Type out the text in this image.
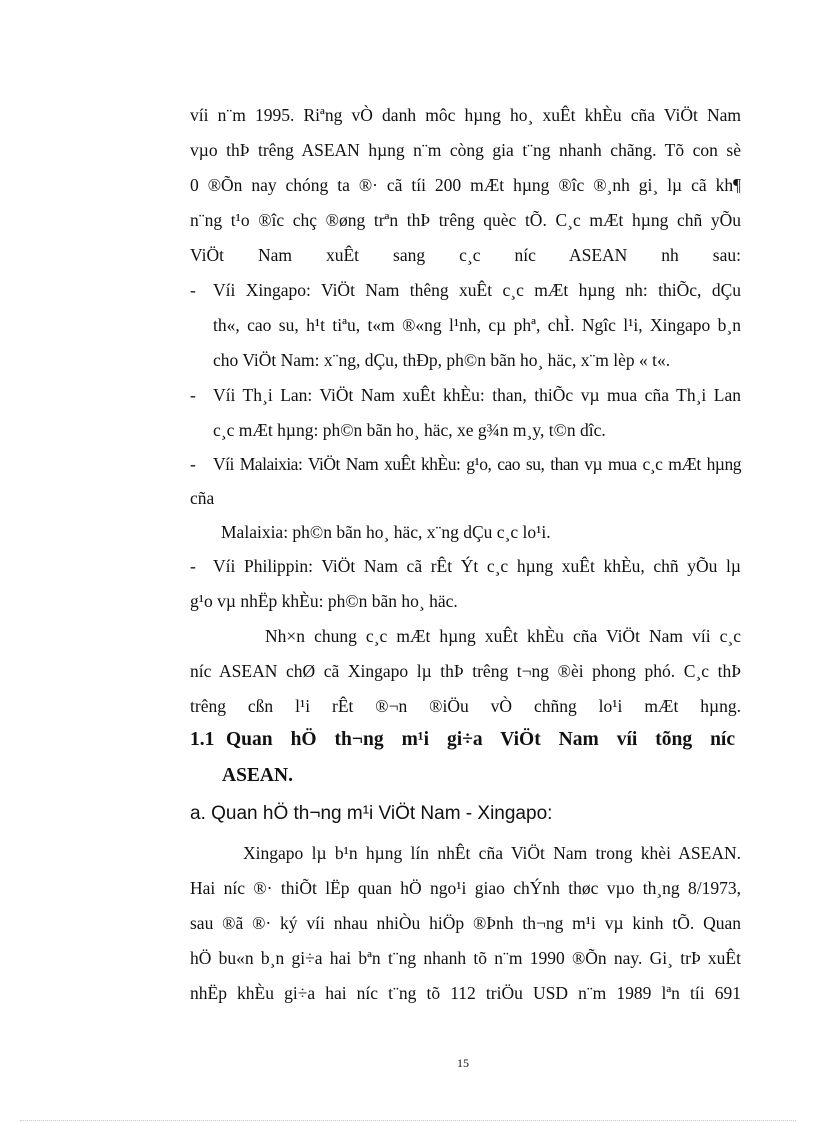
víi n¨m 1995. Riªng vÒ danh môc hµng ho¸ xuÊt khÈu cña ViÖt Nam
vµo thÞ trêng ASEAN hµng n¨m còng gia t¨ng nhanh chãng. Tõ con sè
0 ®Õn nay chóng ta ®· cã tíi 200 mÆt hµng ®îc ®¸nh gi¸ lµ cã kh¶
n¨ng t¹o ®îc chç ®øng trªn thÞ trêng quèc tÕ. C¸c mÆt hµng chñ yÕu
ViÖt Nam xuÊt sang c¸c níc ASEAN nh sau:
- Víi Xingapo: ViÖt Nam thêng xuÊt c¸c mÆt hµng nh: thiÕc, dÇu
th«, cao su, h¹t tiªu, t«m ®«ng l¹nh, cµ phª, chÌ. Ngîc l¹i, Xingapo b¸n
cho ViÖt Nam: x¨ng, dÇu, thÐp, ph©n bãn ho¸ häc, x¨m lèp « t«.
- Víi Th¸i Lan: ViÖt Nam xuÊt khÈu: than, thiÕc vµ mua cña Th¸i Lan
c¸c mÆt hµng: ph©n bãn ho¸ häc, xe g¾n m¸y, t©n dîc.
- Víi Malaixia: ViÖt Nam xuÊt khÈu: g¹o, cao su, than vµ mua c¸c mÆt hµng
cña
Malaixia: ph©n bãn ho¸ häc, x¨ng dÇu c¸c lo¹i.
- Víi Philippin: ViÖt Nam cã rÊt Ýt c¸c hµng xuÊt khÈu, chñ yÕu lµ
g¹o vµ nhËp khÈu: ph©n bãn ho¸ häc.
Nh×n chung c¸c mÆt hµng xuÊt khÈu cña ViÖt Nam víi c¸c
níc ASEAN chØ cã Xingapo lµ thÞ trêng t¬ng ®èi phong phó. C¸c thÞ
trêng cßn l¹i rÊt ®¬n ®iÖu vÒ chñng lo¹i mÆt hµng.
1.1 Quan hÖ th¬ng m¹i gi÷a ViÖt Nam víi tõng níc
ASEAN.
a. Quan hÖ th¬ng m¹i ViÖt Nam - Xingapo:
Xingapo lµ b¹n hµng lín nhÊt cña ViÖt Nam trong khèi ASEAN.
Hai níc ®· thiÕt lËp quan hÖ ngo¹i giao chÝnh thøc vµo th¸ng 8/1973,
sau ®ã ®· ký víi nhau nhiÒu hiÖp ®Þnh th¬ng m¹i vµ kinh tÕ. Quan
hÖ bu«n b¸n gi÷a hai bªn t¨ng nhanh tõ n¨m 1990 ®Õn nay. Gi¸ trÞ xuÊt
nhËp khÈu gi÷a hai níc t¨ng tõ 112 triÖu USD n¨m 1989 lªn tíi 691
15
